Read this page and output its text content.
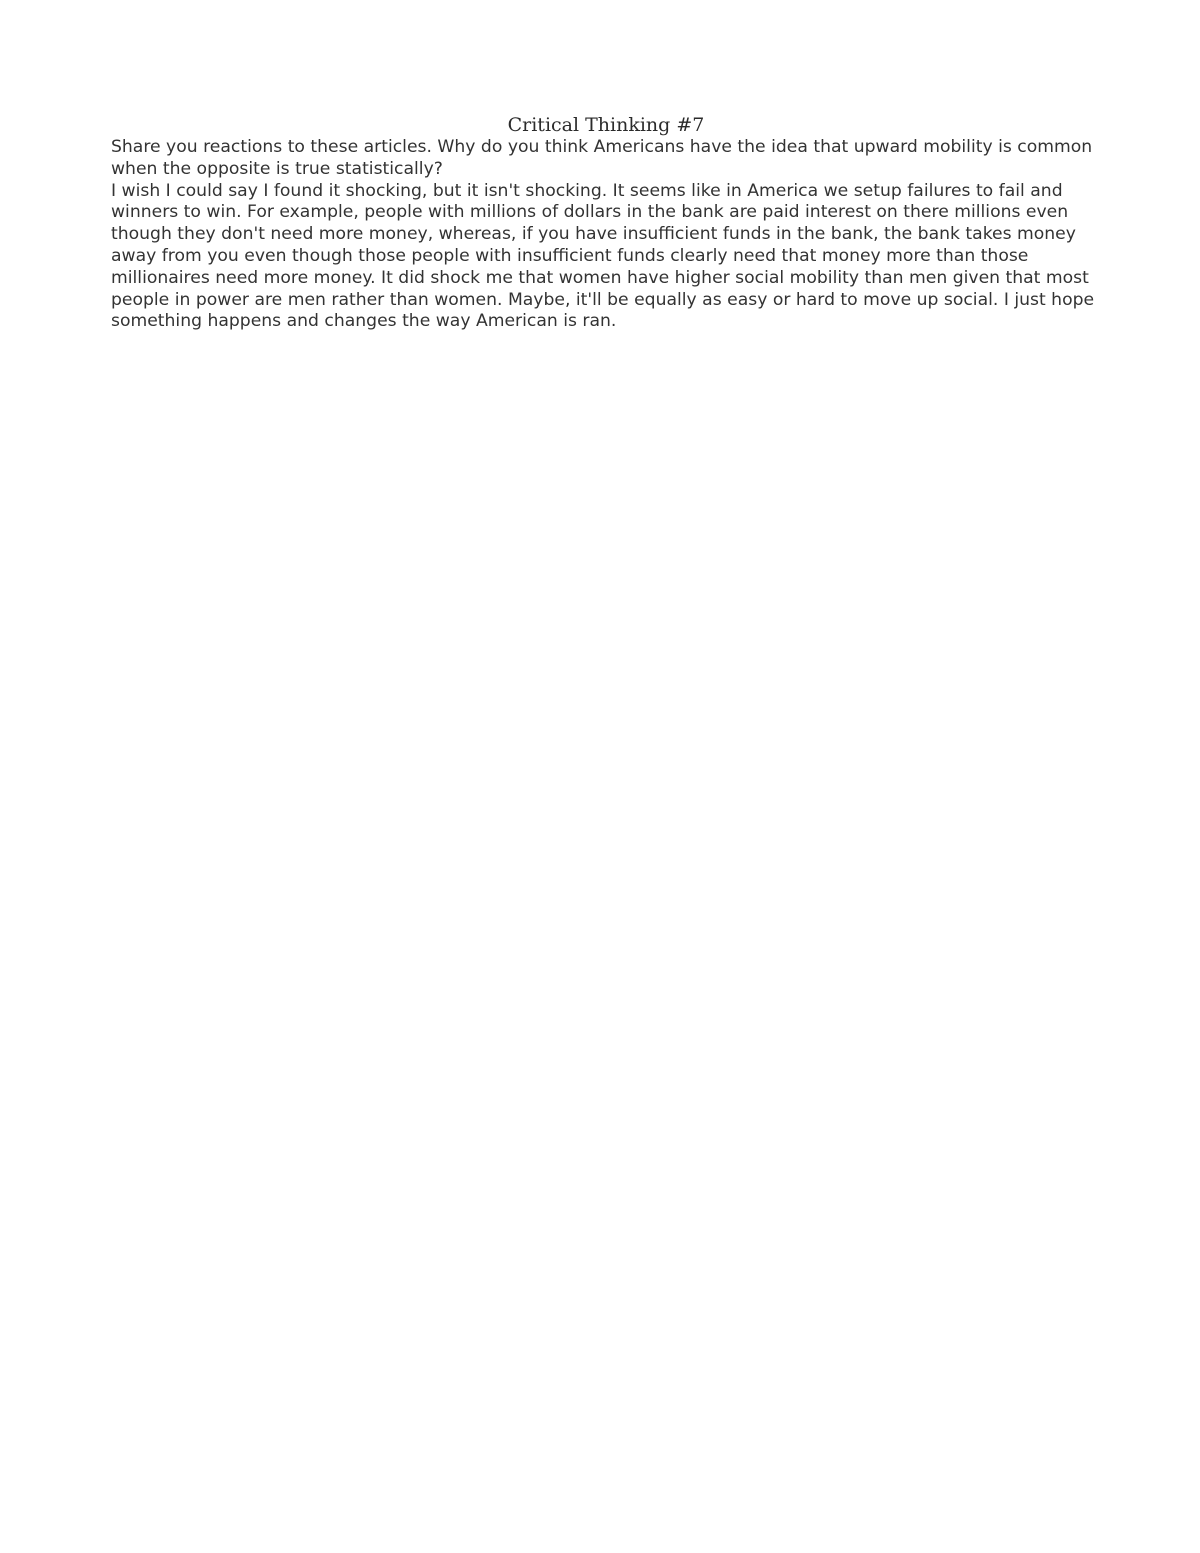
Critical Thinking #7

Share you reactions to these articles. Why do you think Americans have the idea that upward mobility is common when the opposite is true statistically?

I wish I could say I found it shocking, but it isn't shocking. It seems like in America we setup failures to fail and winners to win. For example, people with millions of dollars in the bank are paid interest on there millions even though they don't need more money, whereas, if you have insufficient funds in the bank, the bank takes money away from you even though those people with insufficient funds clearly need that money more than those millionaires need more money. It did shock me that women have higher social mobility than men given that most people in power are men rather than women. Maybe, it'll be equally as easy or hard to move up social. I just hope something happens and changes the way American is ran.
